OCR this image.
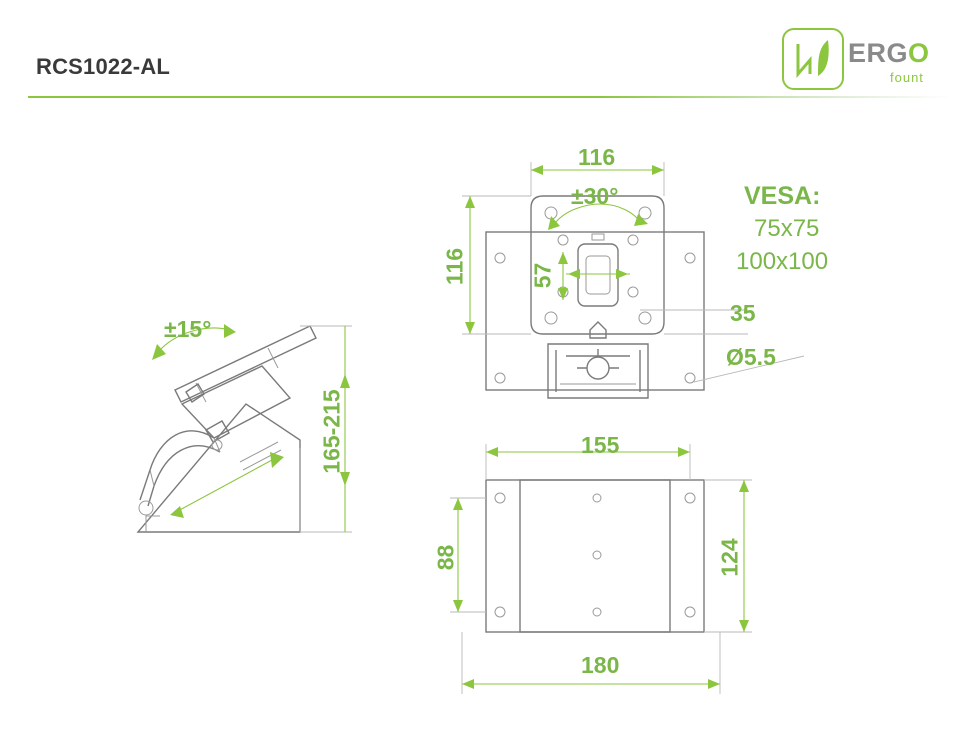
RCS1022-AL	ERGO
fount
±15°
165-215
116
116
±30°
57
35
Ø5.5
155
180
88	124
VESA:
75x75
100x100
